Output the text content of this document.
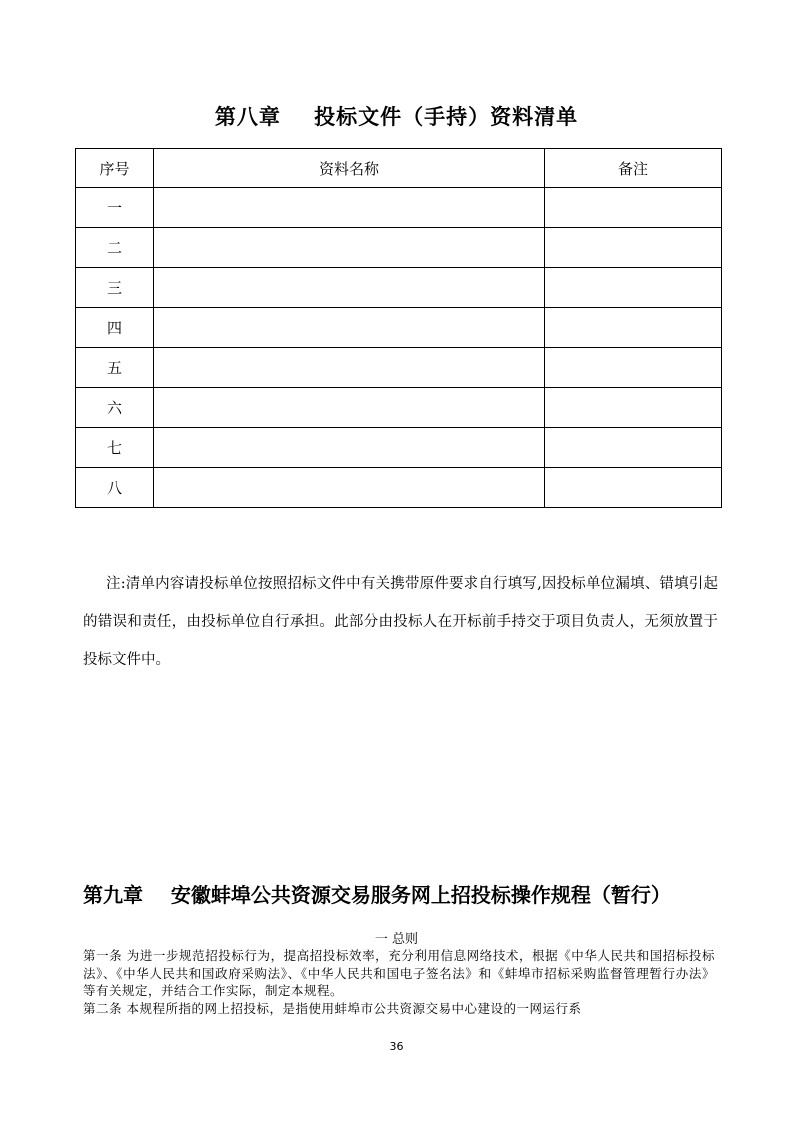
第八章    投标文件（手持）资料清单
序号	资料名称	备注
一		
二		
三		
四		
五		
六		
七		
八		

注:清单内容请投标单位按照招标文件中有关携带原件要求自行填写,因投标单位漏填、错填引起的错误和责任，由投标单位自行承担。此部分由投标人在开标前手持交于项目负责人，无须放置于投标文件中。

第九章    安徽蚌埠公共资源交易服务网上招投标操作规程（暂行）
一 总则

第一条 为进一步规范招投标行为，提高招投标效率，充分利用信息网络技术，根据《中华人民共和国招标投标法》、《中华人民共和国政府采购法》、《中华人民共和国电子签名法》和《蚌埠市招标采购监督管理暂行办法》等有关规定，并结合工作实际，制定本规程。

第二条 本规程所指的网上招投标，是指使用蚌埠市公共资源交易中心建设的一网运行系

36
